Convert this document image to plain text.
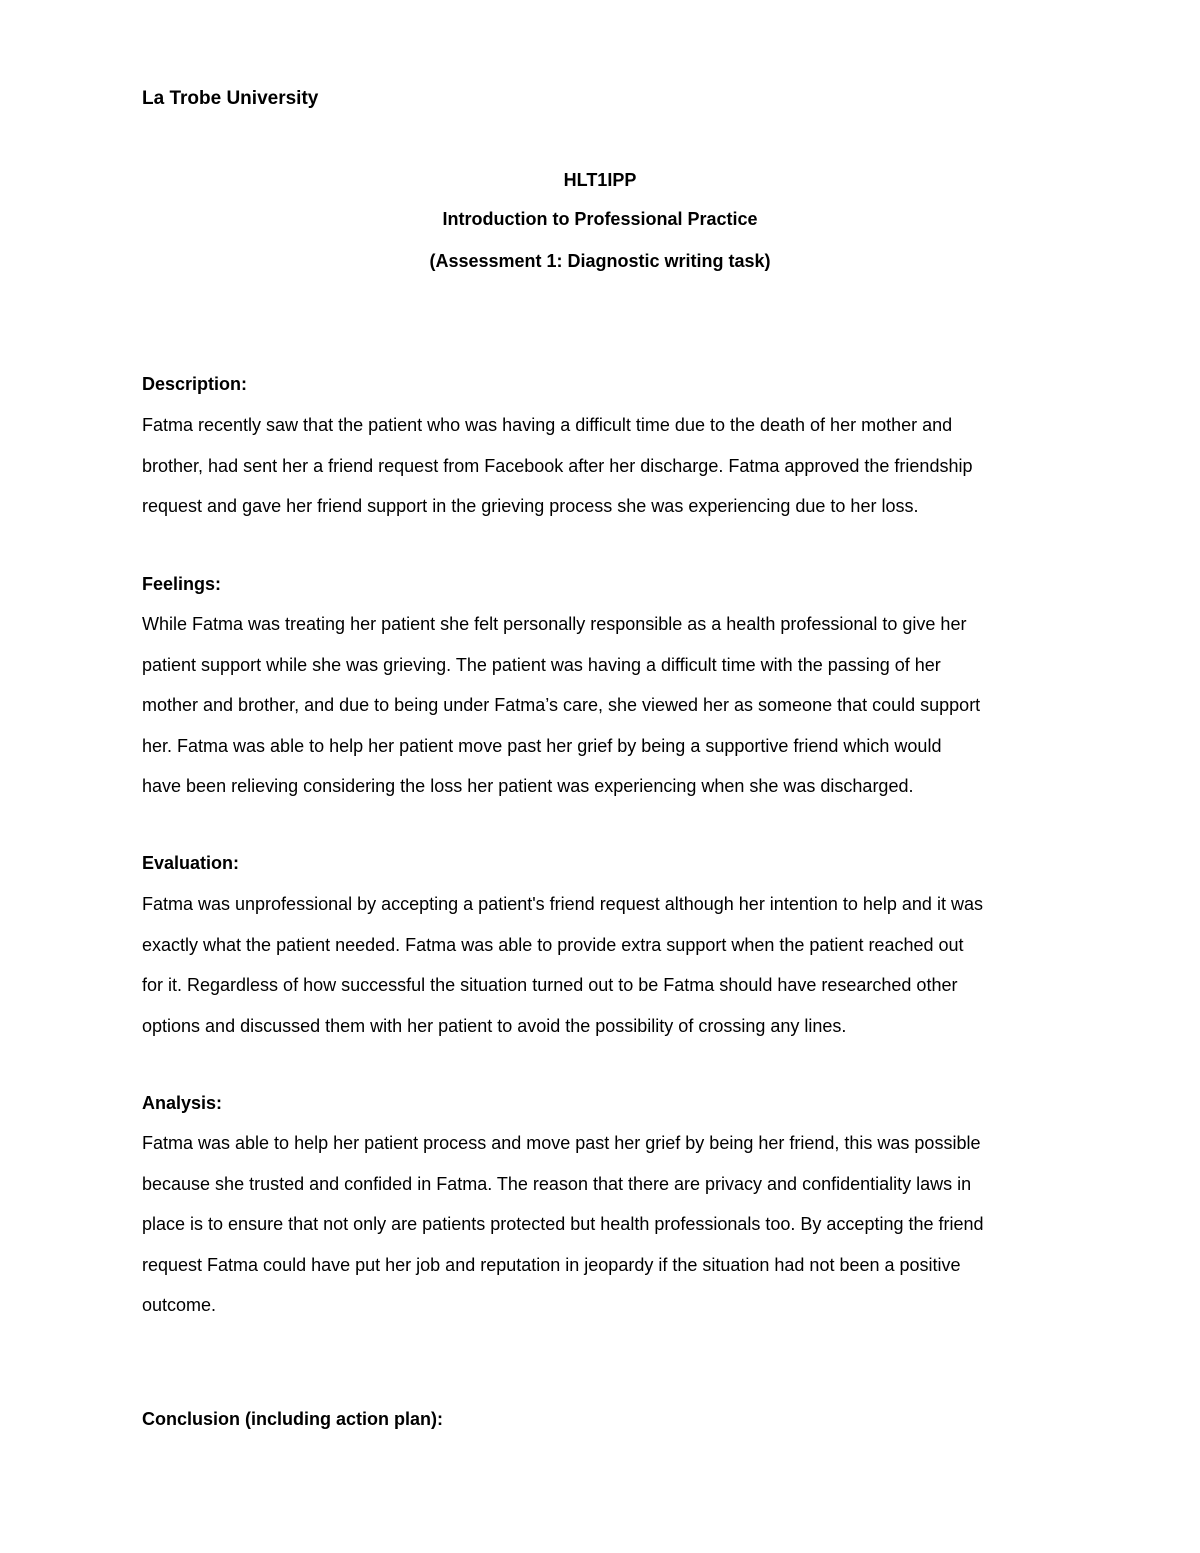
La Trobe University
HLT1IPP
Introduction to Professional Practice
(Assessment 1: Diagnostic writing task)
Description:
Fatma recently saw that the patient who was having a difficult time due to the death of her mother and
brother, had sent her a friend request from Facebook after her discharge. Fatma approved the friendship
request and gave her friend support in the grieving process she was experiencing due to her loss.
Feelings:
While Fatma was treating her patient she felt personally responsible as a health professional to give her
patient support while she was grieving. The patient was having a difficult time with the passing of her
mother and brother, and due to being under Fatma’s care, she viewed her as someone that could support
her. Fatma was able to help her patient move past her grief by being a supportive friend which would
have been relieving considering the loss her patient was experiencing when she was discharged.
Evaluation:
Fatma was unprofessional by accepting a patient's friend request although her intention to help and it was
exactly what the patient needed. Fatma was able to provide extra support when the patient reached out
for it. Regardless of how successful the situation turned out to be Fatma should have researched other
options and discussed them with her patient to avoid the possibility of crossing any lines.
Analysis:
Fatma was able to help her patient process and move past her grief by being her friend, this was possible
because she trusted and confided in Fatma. The reason that there are privacy and confidentiality laws in
place is to ensure that not only are patients protected but health professionals too. By accepting the friend
request Fatma could have put her job and reputation in jeopardy if the situation had not been a positive
outcome.
Conclusion (including action plan):
